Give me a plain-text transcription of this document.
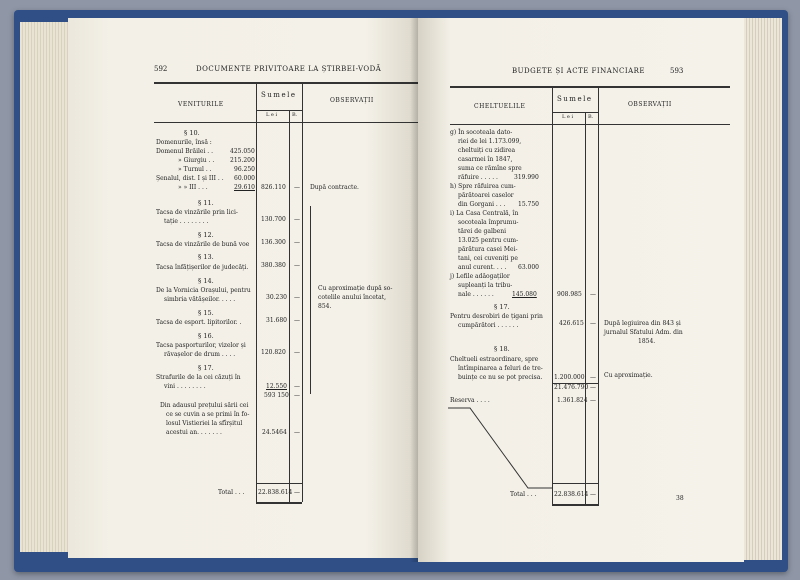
592	DOCUMENTE PRIVITOARE LA ȘTIRBEI-VODĂ
VENITURILE
Sumele
L e i	B.
OBSERVAȚII
§ 10.
Domenurile, însă :
Domenul Brăilei . .	425.050
» Giurgiu . .	215.200
» Turnul . .	96.250
Șenalul, dist. I și III . . 60.000
» » III . . .	29.610 826.110 — După contracte.
§ 11.
Tacsa de vinzările prin lici-
tație . . . . . . . .	130.700 —
§ 12.
Tacsa de vinzările de bună voe 136.300 —
§ 13.
Tacsa înfățișerilor de judecăți. 380.380 —
§ 14.
De la Vornicia Orașului, pentru
simbria vătășeilor. . . . .	30.230 —
Cu aproximație după so-
cotelile anului încetat,
854.
§ 15.
Tacsa de esport. lipitorilor. .	31.680 —
§ 16.
Tacsa pasporturilor, vizelor și
răvașelor de drum . . . .	120.820 —
§ 17.
Strafurile de la cei căzuți în
vini . . . . . . . .	12.550 —
593 150 —
Din adausul prețului sării cei
ce se cuvin a se primi în fo-
losul Vistieriei la sfîrșitul
acestui an. . . . . . .	24.5464 —
Total . . . 22.838.614 —
BUDGETE ȘI ACTE FINANCIARE	593
CHELTUELILE
Sumele
L e i	B.
OBSERVAȚII
g) În socoteala dato-
riei de lei 1.173.099,
cheltuiți cu zidirea
casarmei în 1847,
suma ce rămîne spre
răfuire . . . . .	319.990
h) Spre răfuirea cum-
părătoarei caselor
din Gorgani . . . 15.750
i) La Casa Centrală, în
socoteala împrumu-
tărei de galbeni
13.025 pentru cum-
părătura casei Mei-
tani, cei cuveniți pe
anul curent. . . . 63.000
j) Lefile adăogaților
supleanți la tribu-
nale . . . . . .	145.080	908.985 —
§ 17.
Pentru desrobiri de țigani prin
cumpărători . . . . . .	426.615 — După legiuirea din 843 și
jurnalul Sfatului Adm. din
1854.
§ 18.
Cheltueli estraordinare, spre
întîmpinarea a feluri de tre-
buințe ce nu se pot precisa. 1.200.000 — Cu aproximație.
21.476.790 —
Reserva . . . .	1.361.824 —
Total . . .	22.838.614 —
38
